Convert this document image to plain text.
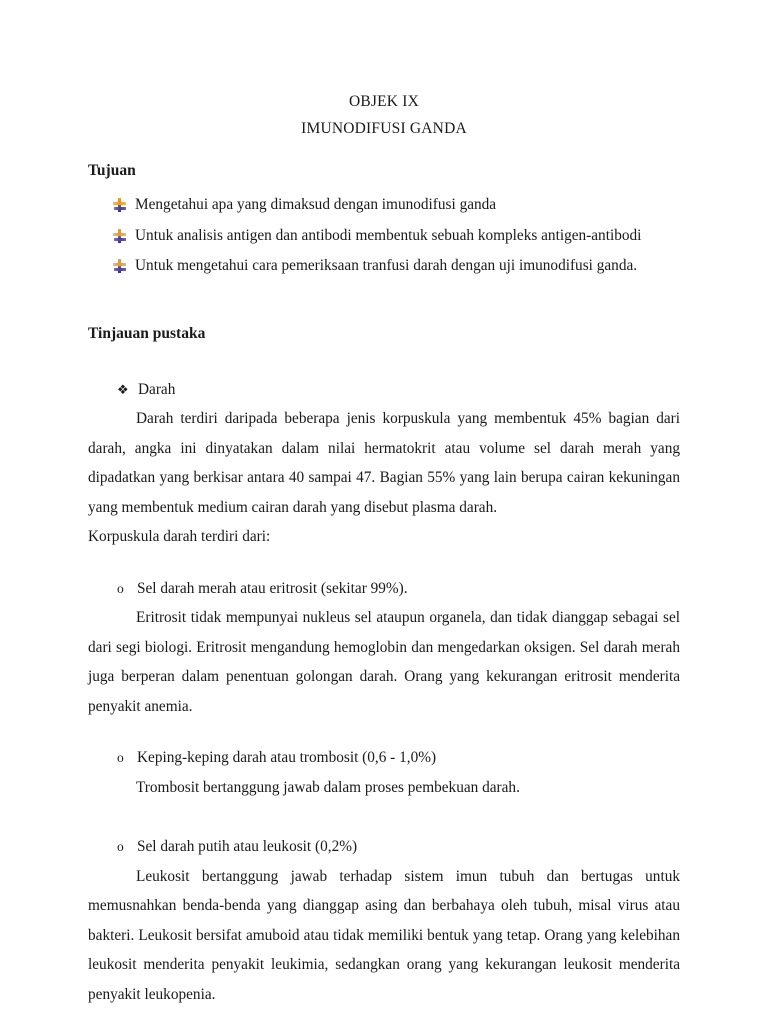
OBJEK IX
IMUNODIFUSI GANDA
Tujuan
Mengetahui apa yang dimaksud dengan imunodifusi ganda
Untuk analisis antigen dan antibodi membentuk sebuah kompleks antigen-antibodi
Untuk mengetahui cara pemeriksaan tranfusi darah dengan uji imunodifusi ganda.
Tinjauan pustaka
❖ Darah

Darah terdiri daripada beberapa jenis korpuskula yang membentuk 45% bagian dari darah, angka ini dinyatakan dalam nilai hermatokrit atau volume sel darah merah yang dipadatkan yang berkisar antara 40 sampai 47. Bagian 55% yang lain berupa cairan kekuningan yang membentuk medium cairan darah yang disebut plasma darah.

Korpuskula darah terdiri dari:

o Sel darah merah atau eritrosit (sekitar 99%).

Eritrosit tidak mempunyai nukleus sel ataupun organela, dan tidak dianggap sebagai sel dari segi biologi. Eritrosit mengandung hemoglobin dan mengedarkan oksigen. Sel darah merah juga berperan dalam penentuan golongan darah. Orang yang kekurangan eritrosit menderita penyakit anemia.

o Keping-keping darah atau trombosit (0,6 - 1,0%)

Trombosit bertanggung jawab dalam proses pembekuan darah.

o Sel darah putih atau leukosit (0,2%)

Leukosit bertanggung jawab terhadap sistem imun tubuh dan bertugas untuk memusnahkan benda-benda yang dianggap asing dan berbahaya oleh tubuh, misal virus atau bakteri. Leukosit bersifat amuboid atau tidak memiliki bentuk yang tetap. Orang yang kelebihan leukosit menderita penyakit leukimia, sedangkan orang yang kekurangan leukosit menderita penyakit leukopenia.
